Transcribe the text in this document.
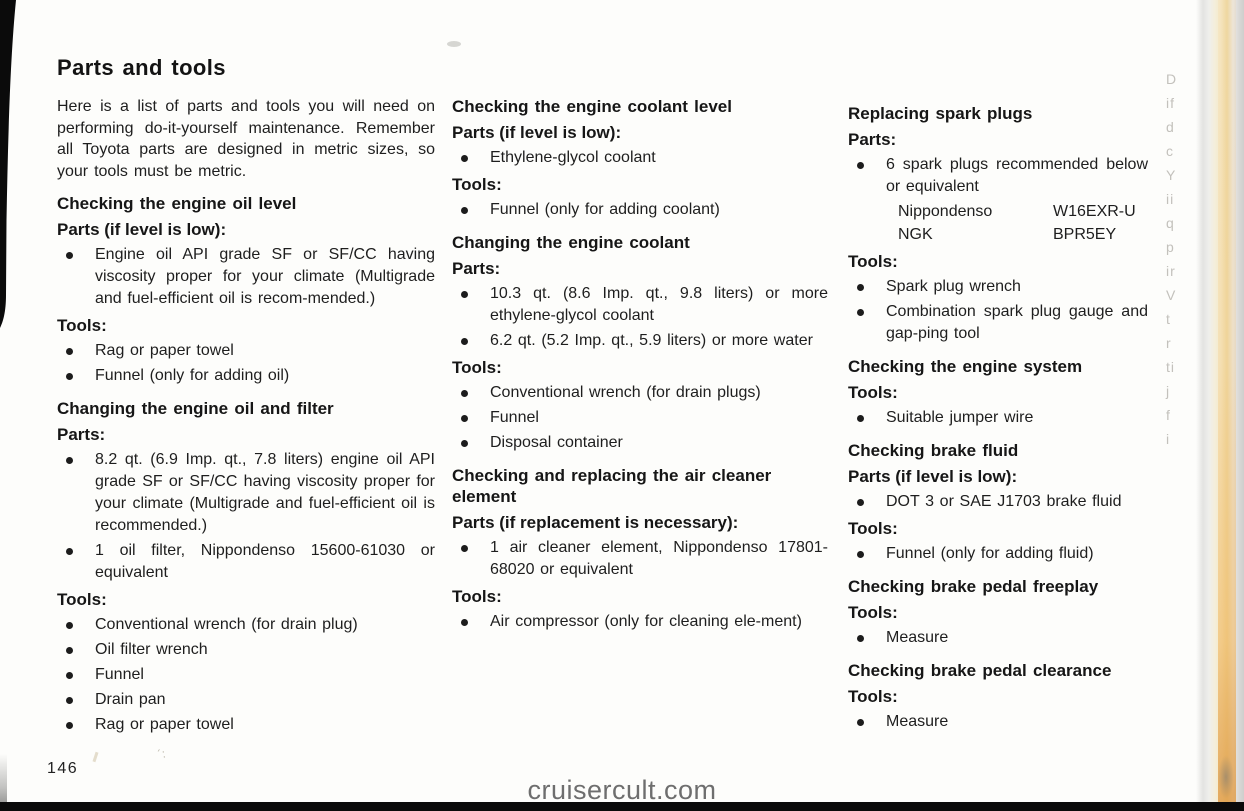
´:
D
if
d
c
Y
ii
q
p
ir
V
t
r
ti
j
f
i
Parts and tools

Here is a list of parts and tools you will need on performing do-it-yourself maintenance. Remember all Toyota parts are designed in metric sizes, so your tools must be metric.

Checking the engine oil level
Parts (if level is low):
Engine oil API grade SF or SF/CC having viscosity proper for your climate (Multigrade and fuel-efficient oil is recom-mended.)
Tools:
Rag or paper towel
Funnel (only for adding oil)
Changing the engine oil and filter
Parts:
8.2 qt. (6.9 Imp. qt., 7.8 liters) engine oil API grade SF or SF/CC having viscosity proper for your climate (Multigrade and fuel-efficient oil is recommended.)
1 oil filter, Nippondenso 15600-61030 or equivalent
Tools:
Conventional wrench (for drain plug)
Oil filter wrench
Funnel
Drain pan
Rag or paper towel
Checking the engine coolant level
Parts (if level is low):
Ethylene-glycol coolant
Tools:
Funnel (only for adding coolant)
Changing the engine coolant
Parts:
10.3 qt. (8.6 Imp. qt., 9.8 liters) or more ethylene-glycol coolant
6.2 qt. (5.2 Imp. qt., 5.9 liters) or more water
Tools:
Conventional wrench (for drain plugs)
Funnel
Disposal container
Checking and replacing the air cleaner element
Parts (if replacement is necessary):
1 air cleaner element, Nippondenso 17801-68020 or equivalent
Tools:
Air compressor (only for cleaning ele-ment)
Replacing spark plugs
Parts:
6 spark plugs recommended below or equivalent
Nippondenso	W16EXR-U
NGK	BPR5EY
Tools:
Spark plug wrench
Combination spark plug gauge and gap-ping tool
Checking the engine system
Tools:
Suitable jumper wire
Checking brake fluid
Parts (if level is low):
DOT 3 or SAE J1703 brake fluid
Tools:
Funnel (only for adding fluid)
Checking brake pedal freeplay
Tools:
Measure
Checking brake pedal clearance
Tools:
Measure
146
cruisercult.com
